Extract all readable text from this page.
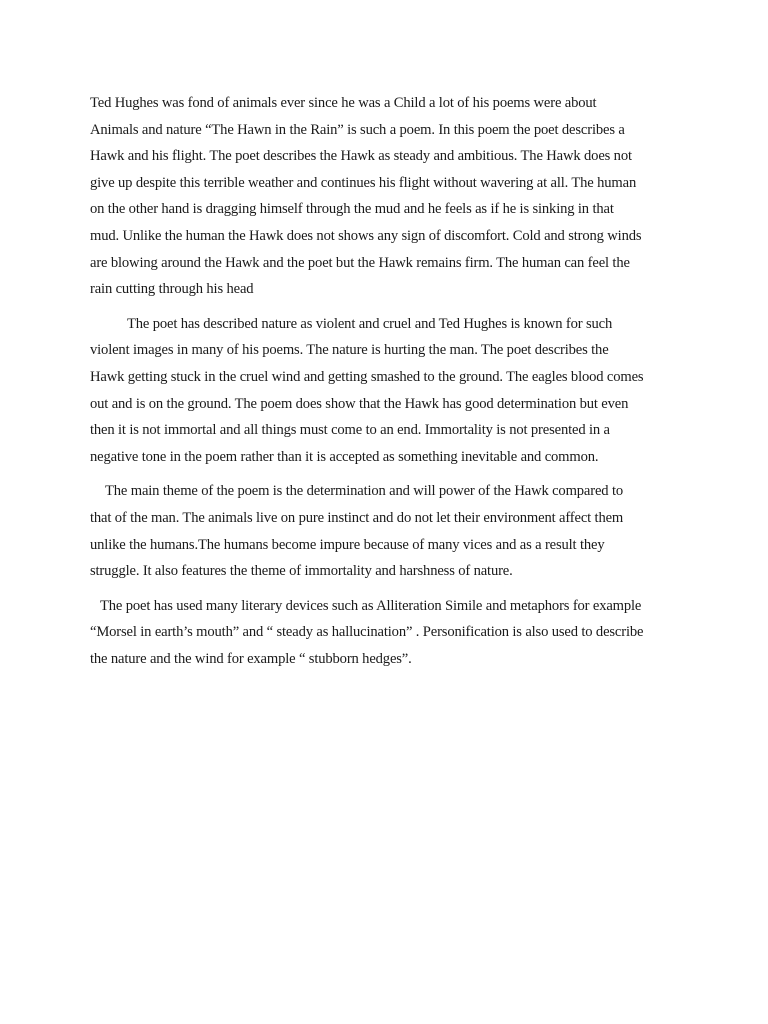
Ted Hughes was fond of animals ever since he was a Child a lot of his poems were about
Animals and nature “The Hawn in the Rain” is such a poem. In this poem the poet describes a
Hawk and his flight. The poet describes the Hawk as steady and ambitious. The Hawk does not
give up despite this terrible weather and continues his flight without wavering at all. The human
on the other hand is dragging himself through the mud and he feels as if he is sinking in that
mud. Unlike the human the Hawk does not shows any sign of discomfort. Cold and strong winds
are blowing around the Hawk and the poet but the Hawk remains firm. The human can feel the
rain cutting through his head

The poet has described nature as violent and cruel and Ted Hughes is known for such
violent images in many of his poems. The nature is hurting the man. The poet describes the
Hawk getting stuck in the cruel wind and getting smashed to the ground. The eagles blood comes
out and is on the ground. The poem does show that the Hawk has good determination but even
then it is not immortal and all things must come to an end. Immortality is not presented in a
negative tone in the poem rather than it is accepted as something inevitable and common.

The main theme of the poem is the determination and will power of the Hawk compared to
that of the man. The animals live on pure instinct and do not let their environment affect them
unlike the humans.The humans become impure because of many vices and as a result they
struggle. It also features the theme of immortality and harshness of nature.

The poet has used many literary devices such as Alliteration Simile and metaphors for example
“Morsel in earth’s mouth” and “ steady as hallucination” . Personification is also used to describe
the nature and the wind for example “ stubborn hedges”.
